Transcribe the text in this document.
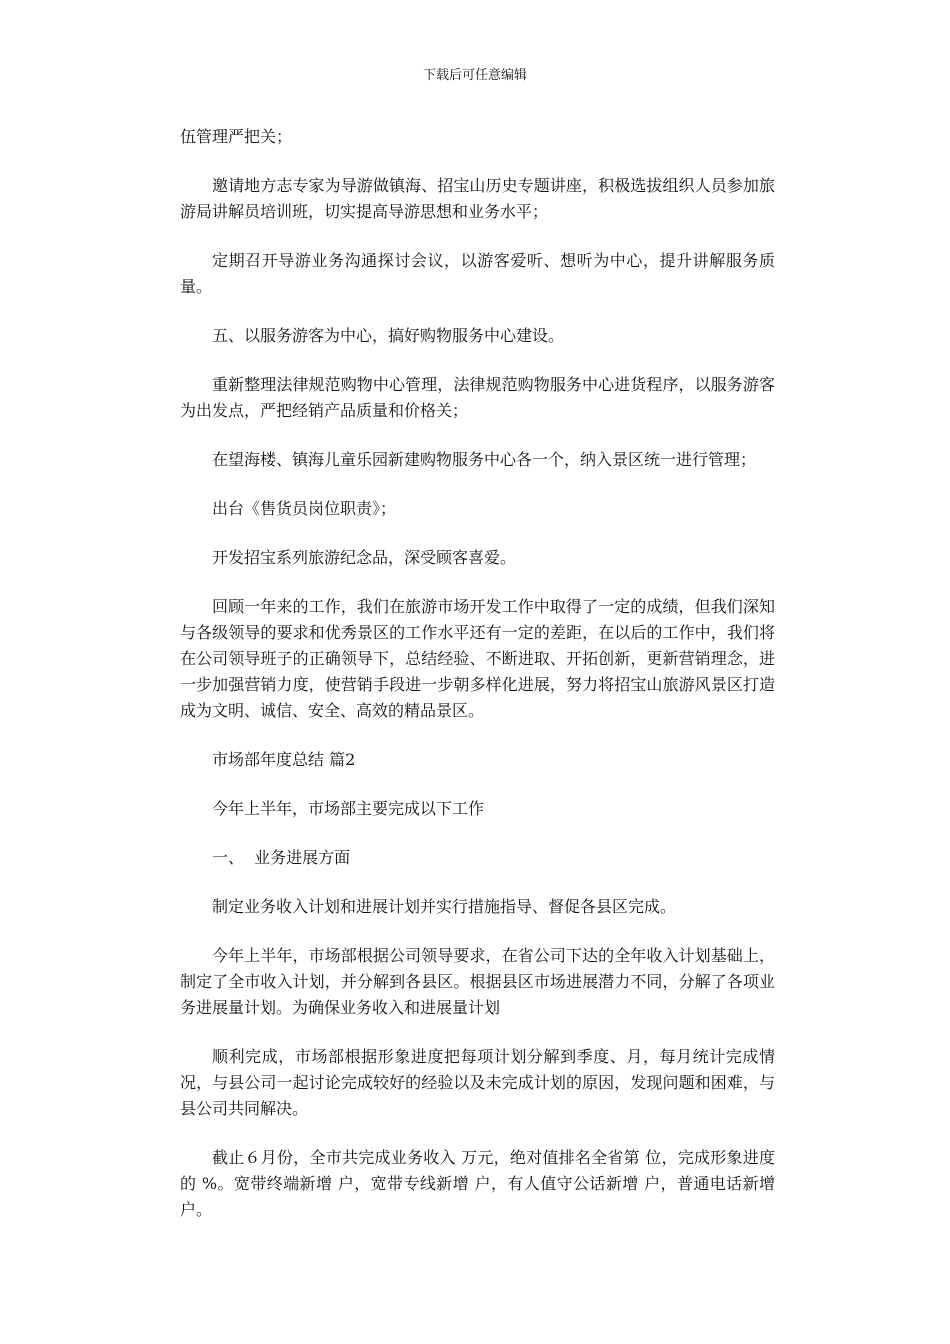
下载后可任意编辑

伍管理严把关；

邀请地方志专家为导游做镇海、招宝山历史专题讲座，积极选拔组织人员参加旅游局讲解员培训班，切实提高导游思想和业务水平；

定期召开导游业务沟通探讨会议，以游客爱听、想听为中心，提升讲解服务质量。

五、以服务游客为中心，搞好购物服务中心建设。

重新整理法律规范购物中心管理，法律规范购物服务中心进货程序，以服务游客为出发点，严把经销产品质量和价格关；

在望海楼、镇海儿童乐园新建购物服务中心各一个，纳入景区统一进行管理；

出台《售货员岗位职责》；

开发招宝系列旅游纪念品，深受顾客喜爱。

回顾一年来的工作，我们在旅游市场开发工作中取得了一定的成绩，但我们深知与各级领导的要求和优秀景区的工作水平还有一定的差距，在以后的工作中，我们将在公司领导班子的正确领导下，总结经验、不断进取、开拓创新，更新营销理念，进一步加强营销力度，使营销手段进一步朝多样化进展，努力将招宝山旅游风景区打造成为文明、诚信、安全、高效的精品景区。

市场部年度总结 篇2

今年上半年，市场部主要完成以下工作

一、  业务进展方面

制定业务收入计划和进展计划并实行措施指导、督促各县区完成。

今年上半年，市场部根据公司领导要求，在省公司下达的全年收入计划基础上，制定了全市收入计划，并分解到各县区。根据县区市场进展潜力不同，分解了各项业务进展量计划。为确保业务收入和进展量计划

顺利完成，市场部根据形象进度把每项计划分解到季度、月，每月统计完成情况，与县公司一起讨论完成较好的经验以及未完成计划的原因，发现问题和困难，与县公司共同解决。

截止６月份，全市共完成业务收入 万元，绝对值排名全省第 位，完成形象进度的 %。宽带终端新增 户，宽带专线新增 户，有人值守公话新增 户，普通电话新增 户。
